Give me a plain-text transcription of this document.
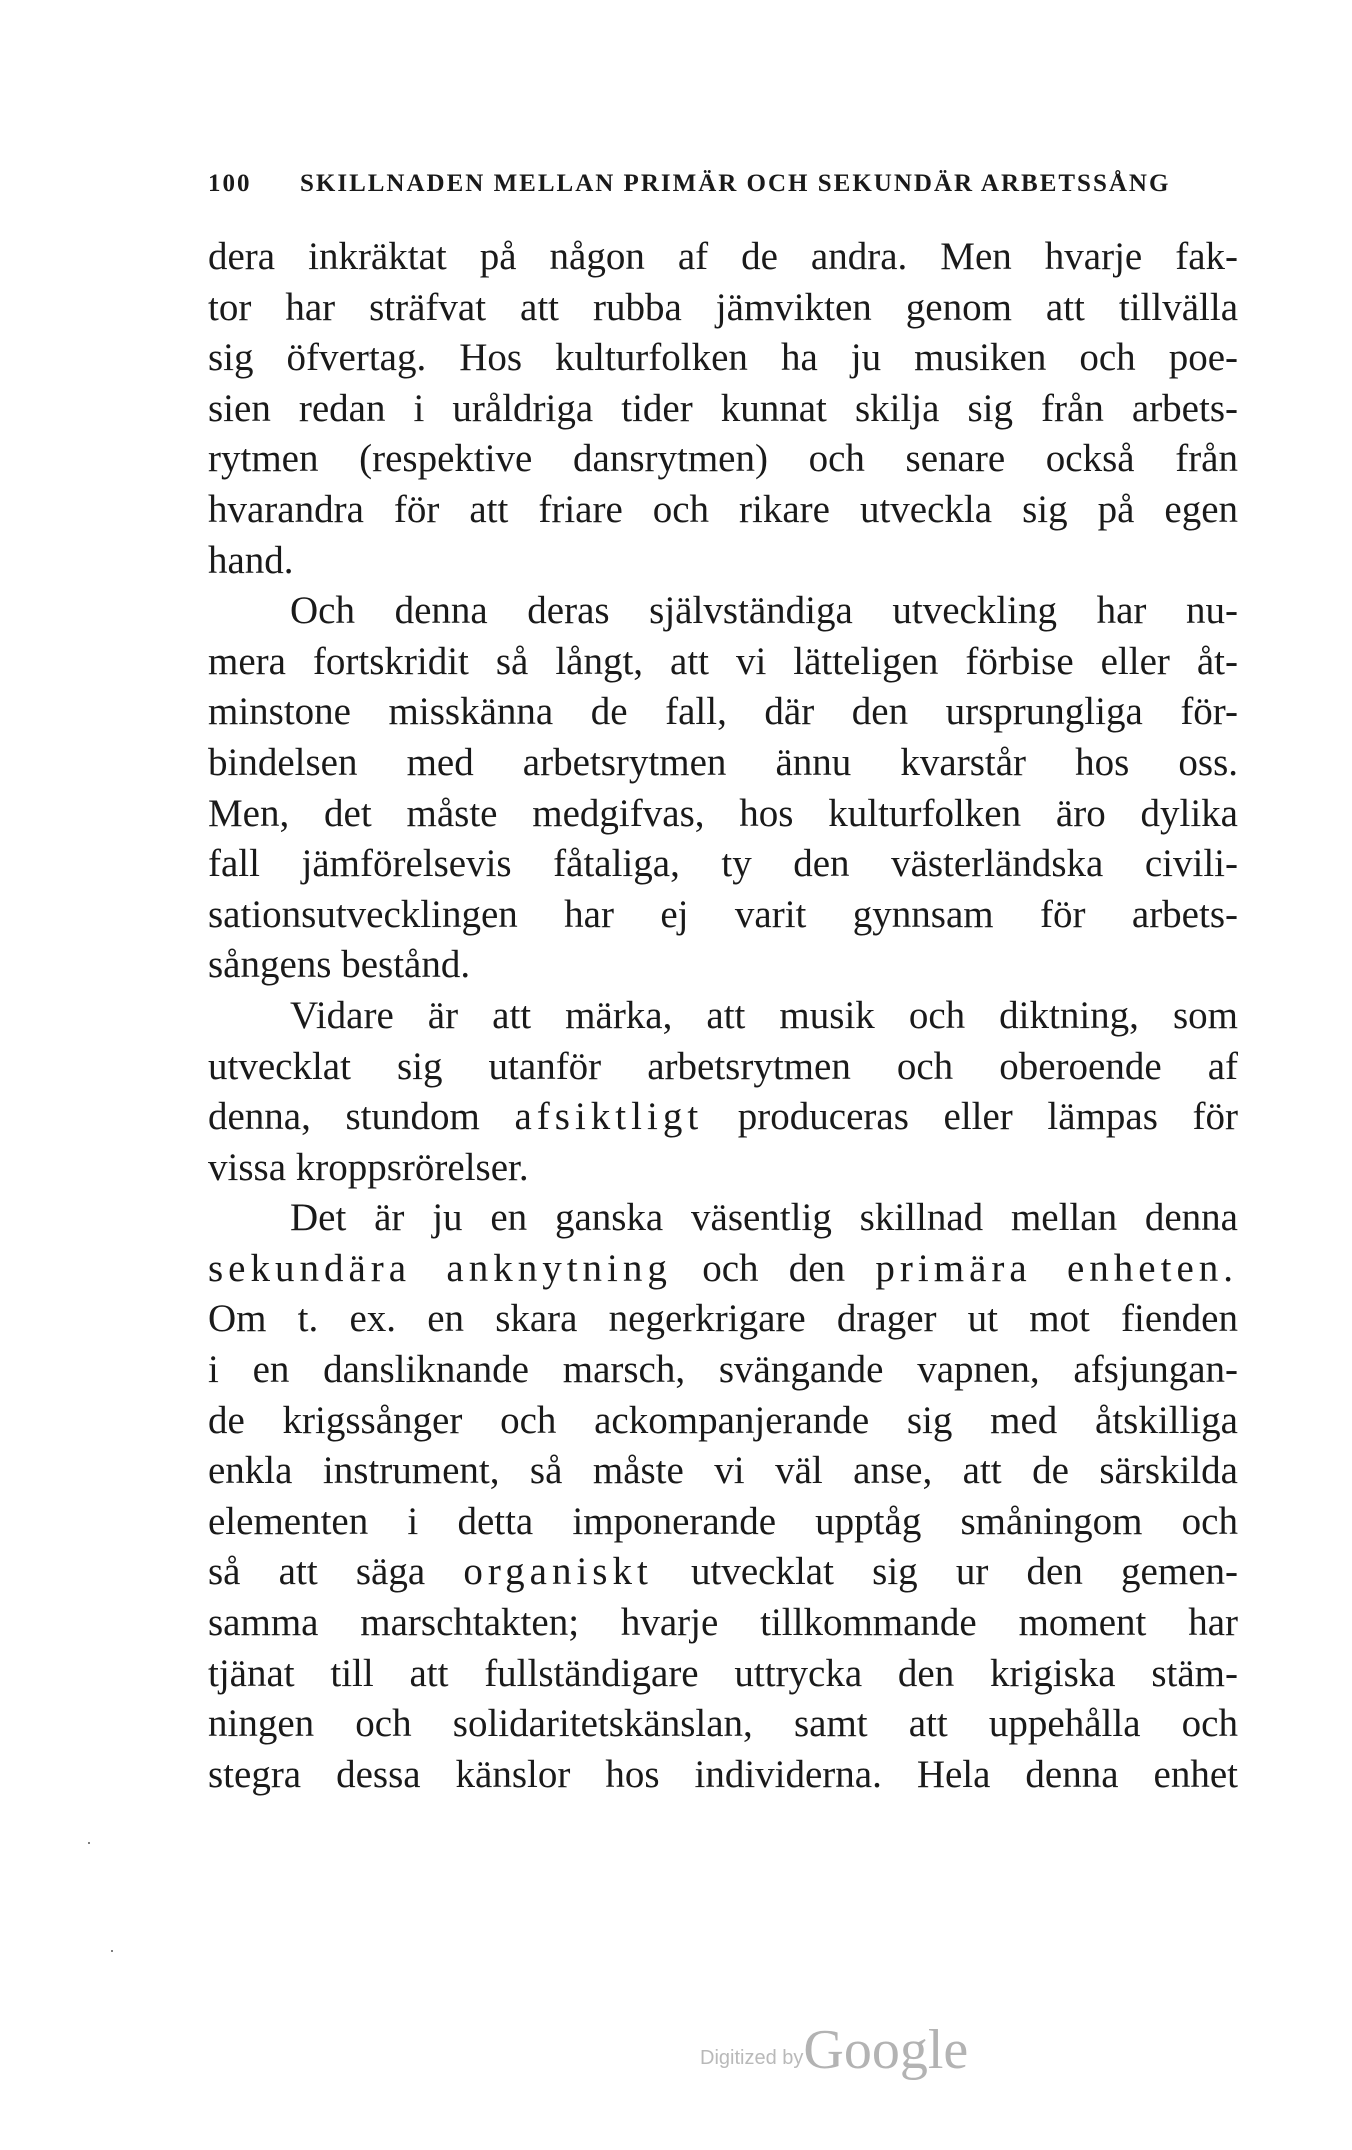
100 SKILLNADEN MELLAN PRIMÄR OCH SEKUNDÄR ARBETSSÅNG
dera inkräktat på någon af de andra. Men hvarje fak-
tor har sträfvat att rubba jämvikten genom att tillvälla
sig öfvertag. Hos kulturfolken ha ju musiken och poe-
sien redan i uråldriga tider kunnat skilja sig från arbets-
rytmen (respektive dansrytmen) och senare också från
hvarandra för att friare och rikare utveckla sig på egen
hand.
Och denna deras självständiga utveckling har nu-
mera fortskridit så långt, att vi lätteligen förbise eller åt-
minstone misskänna de fall, där den ursprungliga för-
bindelsen med arbetsrytmen ännu kvarstår hos oss.
Men, det måste medgifvas, hos kulturfolken äro dylika
fall jämförelsevis fåtaliga, ty den västerländska civili-
sationsutvecklingen har ej varit gynnsam för arbets-
sångens bestånd.
Vidare är att märka, att musik och diktning, som
utvecklat sig utanför arbetsrytmen och oberoende af
denna, stundom afsiktligt produceras eller lämpas för
vissa kroppsrörelser.
Det är ju en ganska väsentlig skillnad mellan denna
sekundära anknytning och den primära enheten.
Om t. ex. en skara negerkrigare drager ut mot fienden
i en dansliknande marsch, svängande vapnen, afsjungan-
de krigssånger och ackompanjerande sig med åtskilliga
enkla instrument, så måste vi väl anse, att de särskilda
elementen i detta imponerande upptåg småningom och
så att säga organiskt utvecklat sig ur den gemen-
samma marschtakten; hvarje tillkommande moment har
tjänat till att fullständigare uttrycka den krigiska stäm-
ningen och solidaritetskänslan, samt att uppehålla och
stegra dessa känslor hos individerna. Hela denna enhet
Digitized byGoogle
